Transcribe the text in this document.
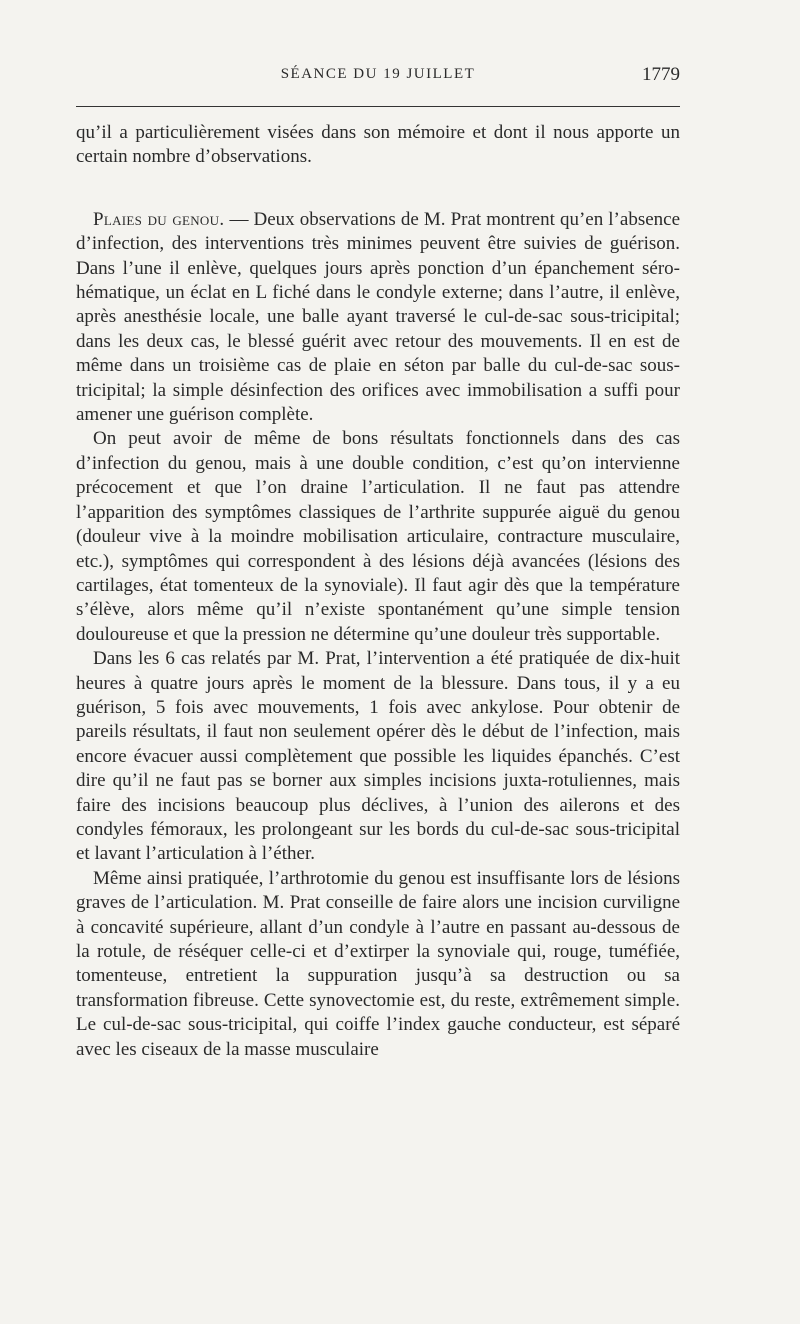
SÉANCE DU 19 JUILLET	1779

qu’il a particulièrement visées dans son mémoire et dont il nous apporte un certain nombre d’observations.

Plaies du genou. — Deux observations de M. Prat montrent qu’en l’absence d’infection, des interventions très minimes peuvent être suivies de guérison. Dans l’une il enlève, quelques jours après ponction d’un épanchement séro-hématique, un éclat en L fiché dans le condyle externe; dans l’autre, il enlève, après anesthésie locale, une balle ayant traversé le cul-de-sac sous-tricipital; dans les deux cas, le blessé guérit avec retour des mouvements. Il en est de même dans un troisième cas de plaie en séton par balle du cul-de-sac sous-tricipital; la simple désinfection des orifices avec immobilisation a suffi pour amener une guérison complète.

On peut avoir de même de bons résultats fonctionnels dans des cas d’infection du genou, mais à une double condition, c’est qu’on intervienne précocement et que l’on draine l’articulation. Il ne faut pas attendre l’apparition des symptômes classiques de l’arthrite suppurée aiguë du genou (douleur vive à la moindre mobilisation articulaire, contracture musculaire, etc.), symptômes qui correspondent à des lésions déjà avancées (lésions des cartilages, état tomenteux de la synoviale). Il faut agir dès que la température s’élève, alors même qu’il n’existe spontanément qu’une simple tension douloureuse et que la pression ne détermine qu’une douleur très supportable.

Dans les 6 cas relatés par M. Prat, l’intervention a été pratiquée de dix-huit heures à quatre jours après le moment de la blessure. Dans tous, il y a eu guérison, 5 fois avec mouvements, 1 fois avec ankylose. Pour obtenir de pareils résultats, il faut non seulement opérer dès le début de l’infection, mais encore évacuer aussi complètement que possible les liquides épanchés. C’est dire qu’il ne faut pas se borner aux simples incisions juxta-rotuliennes, mais faire des incisions beaucoup plus déclives, à l’union des ailerons et des condyles fémoraux, les prolongeant sur les bords du cul-de-sac sous-tricipital et lavant l’articulation à l’éther.

Même ainsi pratiquée, l’arthrotomie du genou est insuffisante lors de lésions graves de l’articulation. M. Prat conseille de faire alors une incision curviligne à concavité supérieure, allant d’un condyle à l’autre en passant au-dessous de la rotule, de réséquer celle-ci et d’extirper la synoviale qui, rouge, tuméfiée, tomenteuse, entretient la suppuration jusqu’à sa destruction ou sa transformation fibreuse. Cette synovectomie est, du reste, extrêmement simple. Le cul-de-sac sous-tricipital, qui coiffe l’index gauche conducteur, est séparé avec les ciseaux de la masse musculaire
